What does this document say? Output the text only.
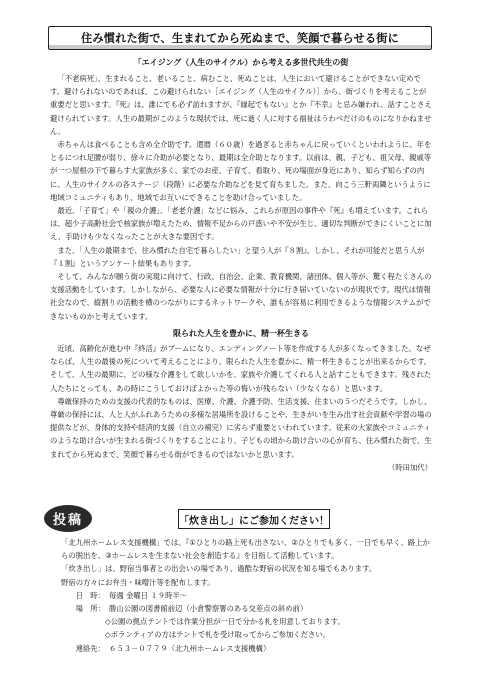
住み慣れた街で、生まれてから死ぬまで、笑顔で暮らせる街に
「エイジング（人生のサイクル）から考える多世代共生の街

「不老病死」、生まれること、老いること、病むこと、死ぬことは、人生において避けることができない定めです。避けられないのであれば、この避けられない［エイジング（人生のサイクル）］から、街づくりを考えることが重要だと思います。『死』は、誰にでも必ず訪れますが、『縁起でもない』とか『不幸』と忌み嫌われ、話すことさえ避けられています。人生の最期がこのような現状では、死に逝く人に対する福祉はうわべだけのものになりかねません。

赤ちゃんは食べることも含め全介助です。還暦（６０歳）を過ぎると赤ちゃんに戻っていくといわれように、年をとるにつれ足腰が弱り、徐々に介助が必要となり、最期は全介助となります。以前は、親、子ども、祖父母、親戚等が一つ屋根の下で暮らす大家族が多く、家でのお産、子育て、看取り、死の場面が身近にあり、知らず知らずの内に、人生のサイクルの各ステージ（段階）に必要な介助などを見て育ちました。また、向こう三軒両隣というように地域コミュニティもあり、地域でお互いにできることを助け合っていました。

最近、「子育て」や「親の介護」、「老老介護」などに悩み、これらが原因の事件や『死』も増えています。これらは、超少子高齢社会で核家族が増えたため、情報不足からの戸惑いや不安が生じ、適切な判断ができにくいことに加え、手助けも少なくなったことが大きな要因です。

また、「人生の最期まで、住み慣れた自宅で暮らしたい」と望う人が『８割』、しかし、それが可能だと思う人が『１割』というアンケート結果もあります。

そして、みんなが願う街の実現に向けて、行政、自治会、企業、教育機関、諸団体、個人等が、驚く程たくさんの支援活動をしています。しかしながら、必要な人に必要な情報が十分に行き届いていないのが現状です。現代は情報社会なので、縦割りの活動を横のつながりにするネットワークや、誰もが容易に利用できるような情報システムができないものかと考えています。

限られた人生を豊かに、精一杯生きる

近頃、高齢化が進む中『終活』がブームになり、エンディングノート等を作成する人が多くなってきました。なぜならば、人生の最後の死について考えることにより、限られた人生を豊かに、精一杯生きることが出来るからです。そして、人生の最期に、どの様な介護をして欲しいかを、家族や介護してくれる人と話すこともできます。残された人たちにとっても、あの時にこうしておけばよかった等の悔いが残らない（少なくなる）と思います。

尊厳保持のための支援の代表的なものは、医療、介護、介護予防、生活支援、住まいの５つだそうです。しかし、尊厳の保持には、人と人がふれあうための多様な居場所を設けることや、生きがいを生み出す社会貢献や学習の場の提供などが、身体的支持や経済的支援（自立の補完）に劣らず重要といわれています。従来の大家族やコミュニティのような助け合いが生まれる街づくりをすることにより、子どもの頃から助け合いの心が育ち、住み慣れた街で、生まれてから死ぬまで、笑顔で暮らせる街ができるのではないかと思います。

（時田加代）

投稿	「炊き出し」にご参加ください！
「北九州ホームレス支援機構」では、『①ひとりの路上死も出さない、②ひとりでも多く、一日でも早く、路上からの脱出を、③ホームレスを生まない社会を創造する』を目指して活動しています。
「炊き出し」は、野宿当事者との出会いの場であり、過酷な野宿の状況を知る場でもあります。
野宿の方々にお弁当・味噌汁等を配布します。
日　時： 毎週 金曜日 １９時半～
場　所： 勝山公園の図書館前辺（小倉警察署のある交差点の斜め前）
◇公園の拠点テントでは作業分担が一日で分かる札を用意しております。
◇ボランティアの方はテントで札を受け取ってからご参加ください。
連絡先： ６５３－０７７９（北九州ホームレス支援機構）
